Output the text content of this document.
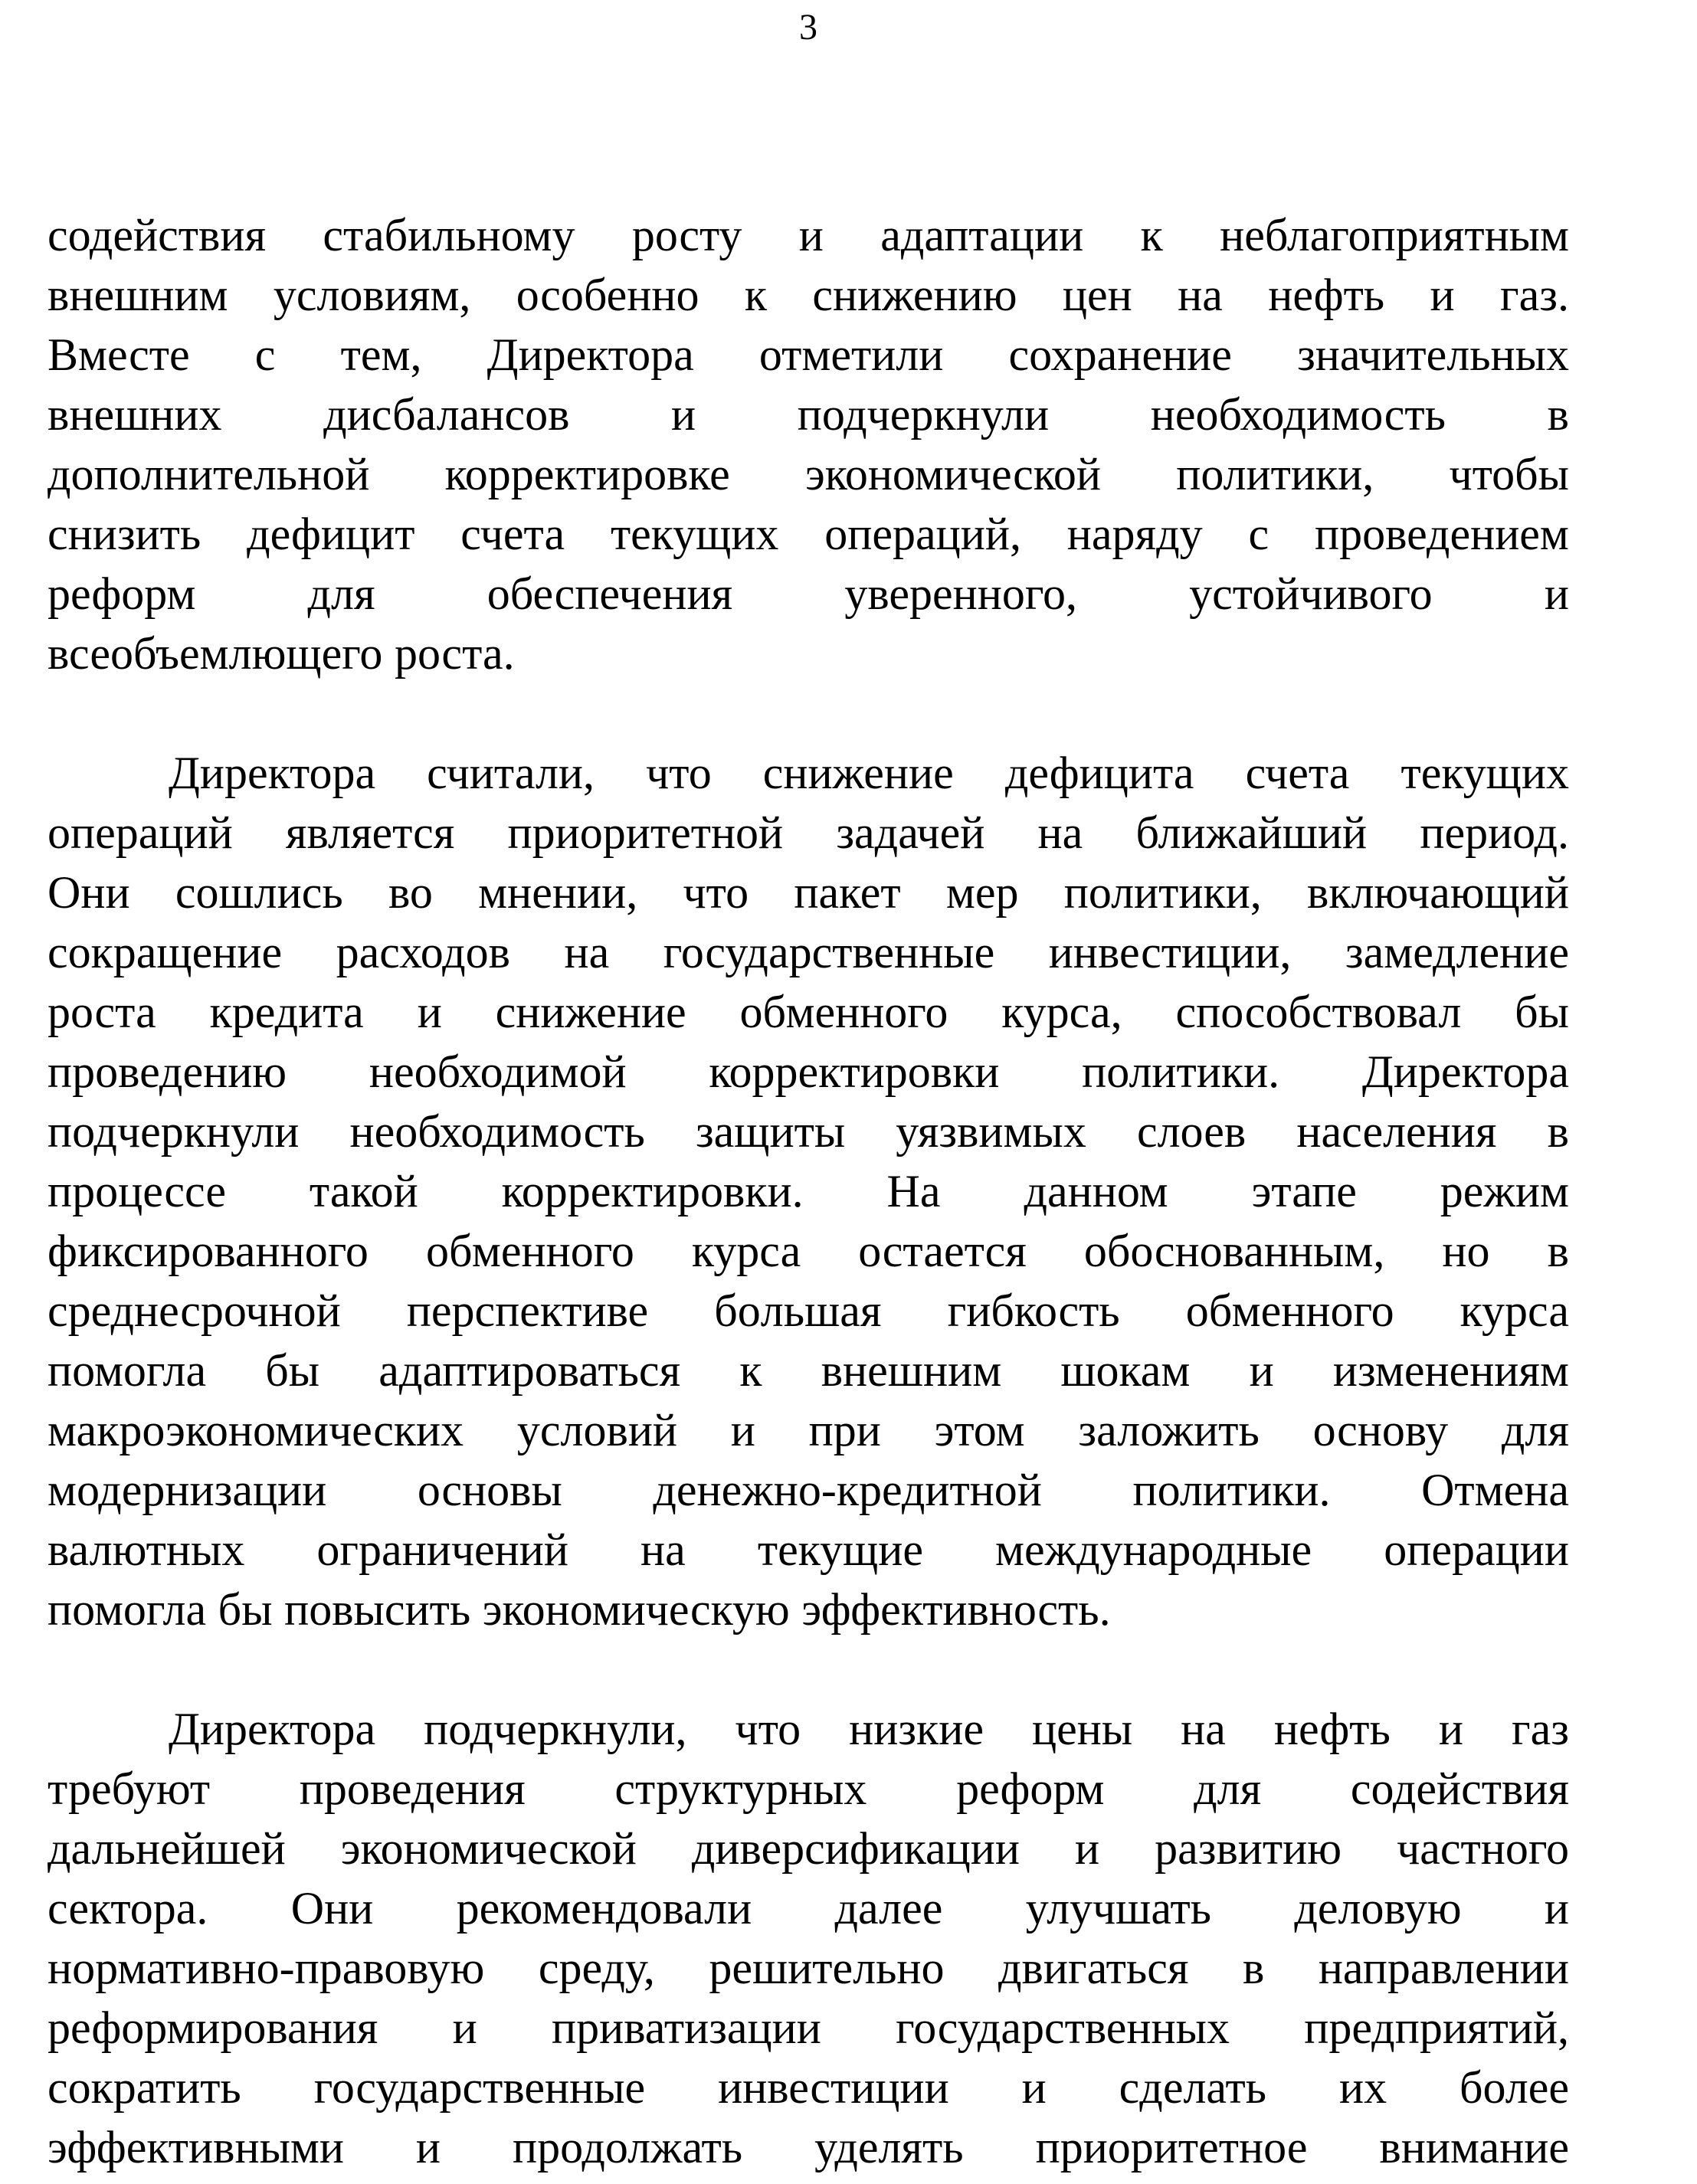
3
содействия стабильному росту и адаптации к неблагоприятным
внешним условиям, особенно к снижению цен на нефть и газ.
Вместе с тем, Директора отметили сохранение значительных
внешних дисбалансов и подчеркнули необходимость в
дополнительной корректировке экономической политики, чтобы
снизить дефицит счета текущих операций, наряду с проведением
реформ для обеспечения уверенного, устойчивого и
всеобъемлющего роста.
Директора считали, что снижение дефицита счета текущих
операций является приоритетной задачей на ближайший период.
Они сошлись во мнении, что пакет мер политики, включающий
сокращение расходов на государственные инвестиции, замедление
роста кредита и снижение обменного курса, способствовал бы
проведению необходимой корректировки политики. Директора
подчеркнули необходимость защиты уязвимых слоев населения в
процессе такой корректировки. На данном этапе режим
фиксированного обменного курса остается обоснованным, но в
среднесрочной перспективе бoльшая гибкость обменного курса
помогла бы адаптироваться к внешним шокам и изменениям
макроэкономических условий и при этом заложить основу для
модернизации основы денежно-кредитной политики. Отмена
валютных ограничений на текущие международные операции
помогла бы повысить экономическую эффективность.
Директора подчеркнули, что низкие цены на нефть и газ
требуют проведения структурных реформ для содействия
дальнейшей экономической диверсификации и развитию частного
сектора. Они рекомендовали далее улучшать деловую и
нормативно-правовую среду, решительно двигаться в направлении
реформирования и приватизации государственных предприятий,
сократить государственные инвестиции и сделать их более
эффективными и продолжать уделять приоритетное внимание
